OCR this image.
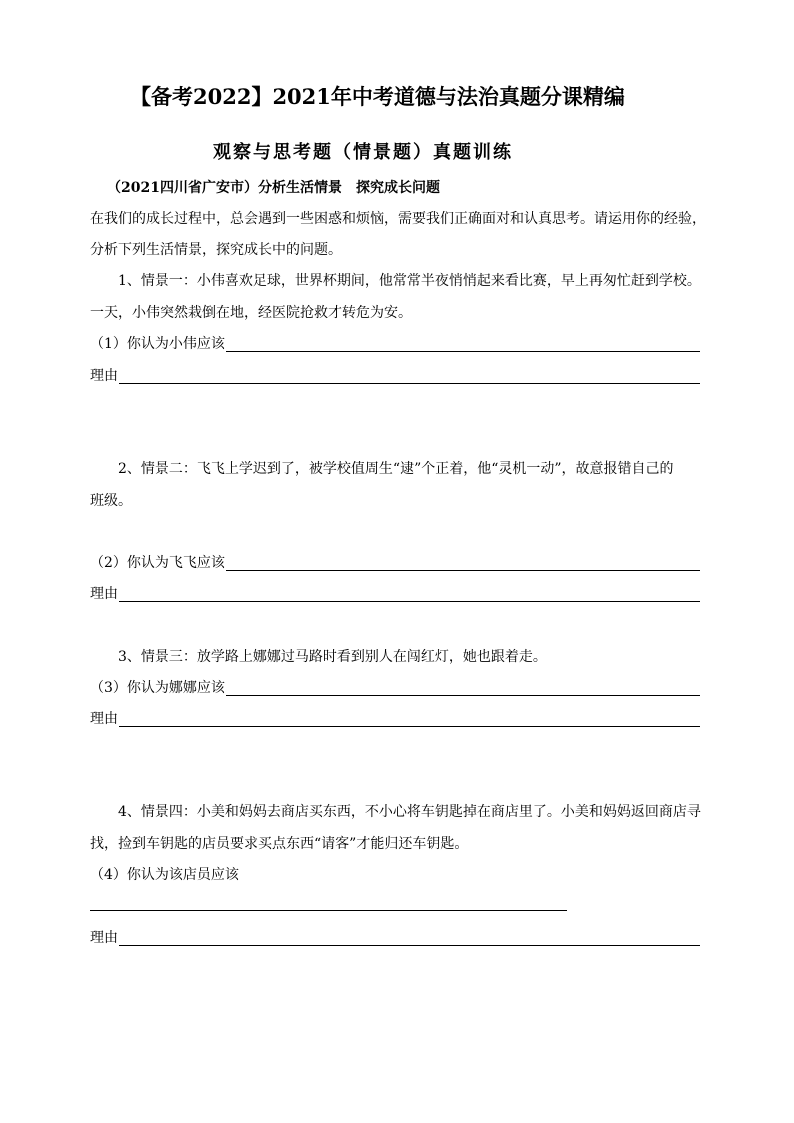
【备考2022】2021年中考道德与法治真题分课精编
观察与思考题（情景题）真题训练
（2021四川省广安市）分析生活情景　探究成长问题
在我们的成长过程中，总会遇到一些困惑和烦恼，需要我们正确面对和认真思考。请运用你的经验，
分析下列生活情景，探究成长中的问题。
1、情景一：小伟喜欢足球，世界杯期间，他常常半夜悄悄起来看比赛，早上再匆忙赶到学校。
一天，小伟突然栽倒在地，经医院抢救才转危为安。
（1）你认为小伟应该
理由
2、情景二：飞飞上学迟到了，被学校值周生“逮”个正着，他“灵机一动”，故意报错自己的
班级。
（2）你认为飞飞应该
理由
3、情景三：放学路上娜娜过马路时看到别人在闯红灯，她也跟着走。
（3）你认为娜娜应该
理由
4、情景四：小美和妈妈去商店买东西，不小心将车钥匙掉在商店里了。小美和妈妈返回商店寻
找，捡到车钥匙的店员要求买点东西“请客”才能归还车钥匙。
（4）你认为该店员应该
理由
